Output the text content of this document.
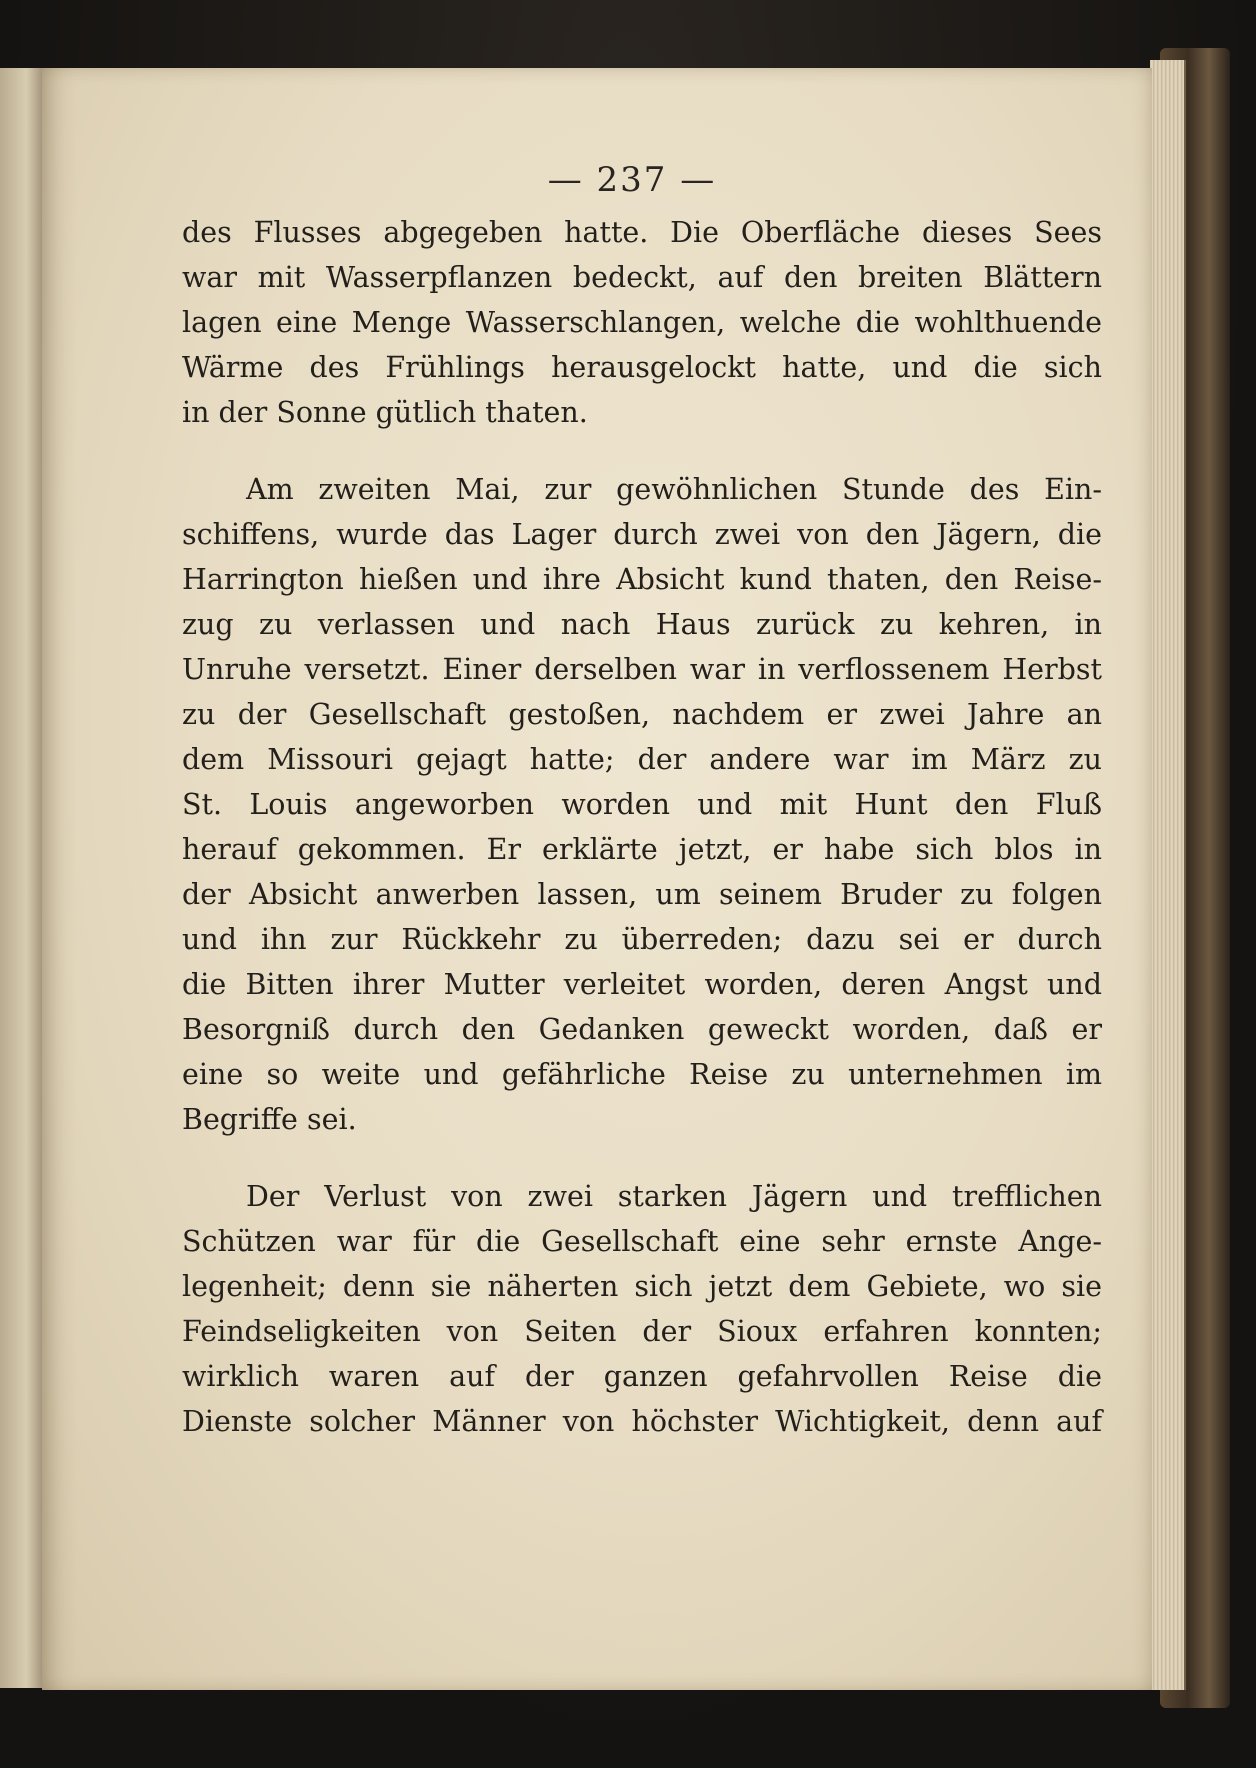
— 237 —
des Flusses abgegeben hatte. Die Oberfläche dieses Sees
war mit Wasserpflanzen bedeckt, auf den breiten Blättern
lagen eine Menge Wasserschlangen, welche die wohlthuende
Wärme des Frühlings herausgelockt hatte, und die sich
in der Sonne gütlich thaten.
Am zweiten Mai, zur gewöhnlichen Stunde des Ein-
schiffens, wurde das Lager durch zwei von den Jägern, die
Harrington hießen und ihre Absicht kund thaten, den Reise-
zug zu verlassen und nach Haus zurück zu kehren, in
Unruhe versetzt. Einer derselben war in verflossenem Herbst
zu der Gesellschaft gestoßen, nachdem er zwei Jahre an
dem Missouri gejagt hatte; der andere war im März zu
St. Louis angeworben worden und mit Hunt den Fluß
herauf gekommen. Er erklärte jetzt, er habe sich blos in
der Absicht anwerben lassen, um seinem Bruder zu folgen
und ihn zur Rückkehr zu überreden; dazu sei er durch
die Bitten ihrer Mutter verleitet worden, deren Angst und
Besorgniß durch den Gedanken geweckt worden, daß er
eine so weite und gefährliche Reise zu unternehmen im
Begriffe sei.
Der Verlust von zwei starken Jägern und trefflichen
Schützen war für die Gesellschaft eine sehr ernste Ange-
legenheit; denn sie näherten sich jetzt dem Gebiete, wo sie
Feindseligkeiten von Seiten der Sioux erfahren konnten;
wirklich waren auf der ganzen gefahrvollen Reise die
Dienste solcher Männer von höchster Wichtigkeit, denn auf
